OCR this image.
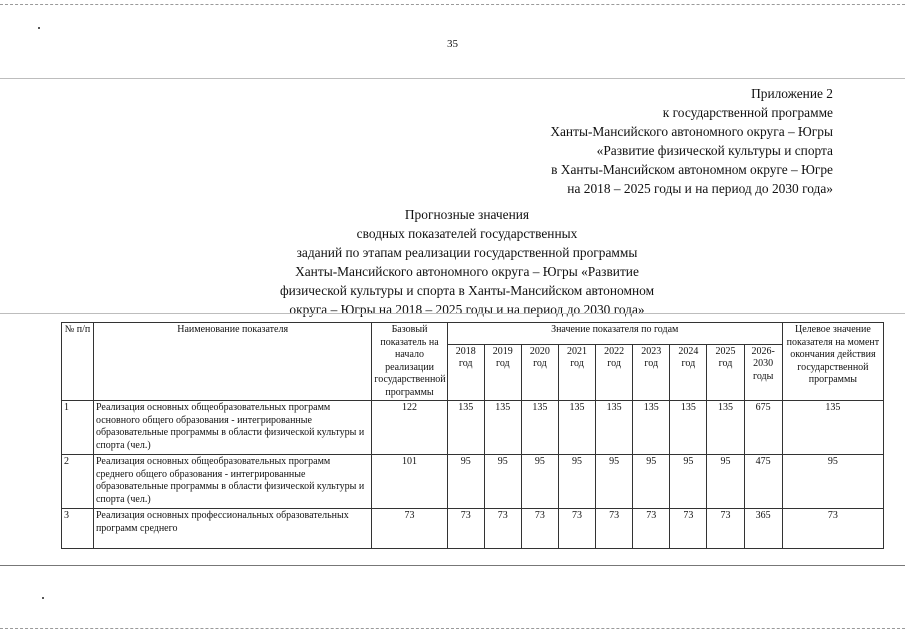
35
Приложение 2
к государственной программе
Ханты-Мансийского автономного округа – Югры
«Развитие физической культуры и спорта
в Ханты-Мансийском автономном округе – Югре
на 2018 – 2025 годы и на период до 2030 года»
Прогнозные значения
сводных показателей государственных
заданий по этапам реализации государственной программы
Ханты-Мансийского автономного округа – Югры «Развитие
физической культуры и спорта в Ханты-Мансийском автономном
округа – Югры на 2018 – 2025 годы и на период до 2030 года»
№ п/п	Наименование показателя	Базовый показатель на начало реализации государственной программы	Значение показателя по годам									Целевое значение показателя на момент окончания действия государственной программы
			2018 год	2019 год	2020 год	2021 год	2022 год	2023 год	2024 год	2025 год	2026-2030 годы	
1	Реализация основных общеобразовательных программ основного общего образования - интегрированные образовательные программы в области физической культуры и спорта (чел.)	122	135	135	135	135	135	135	135	135	675	135
2	Реализация основных общеобразовательных программ среднего общего образования - интегрированные образовательные программы в области физической культуры и спорта (чел.)	101	95	95	95	95	95	95	95	95	475	95
3	Реализация основных профессиональных образовательных программ среднего	73	73	73	73	73	73	73	73	73	365	73
